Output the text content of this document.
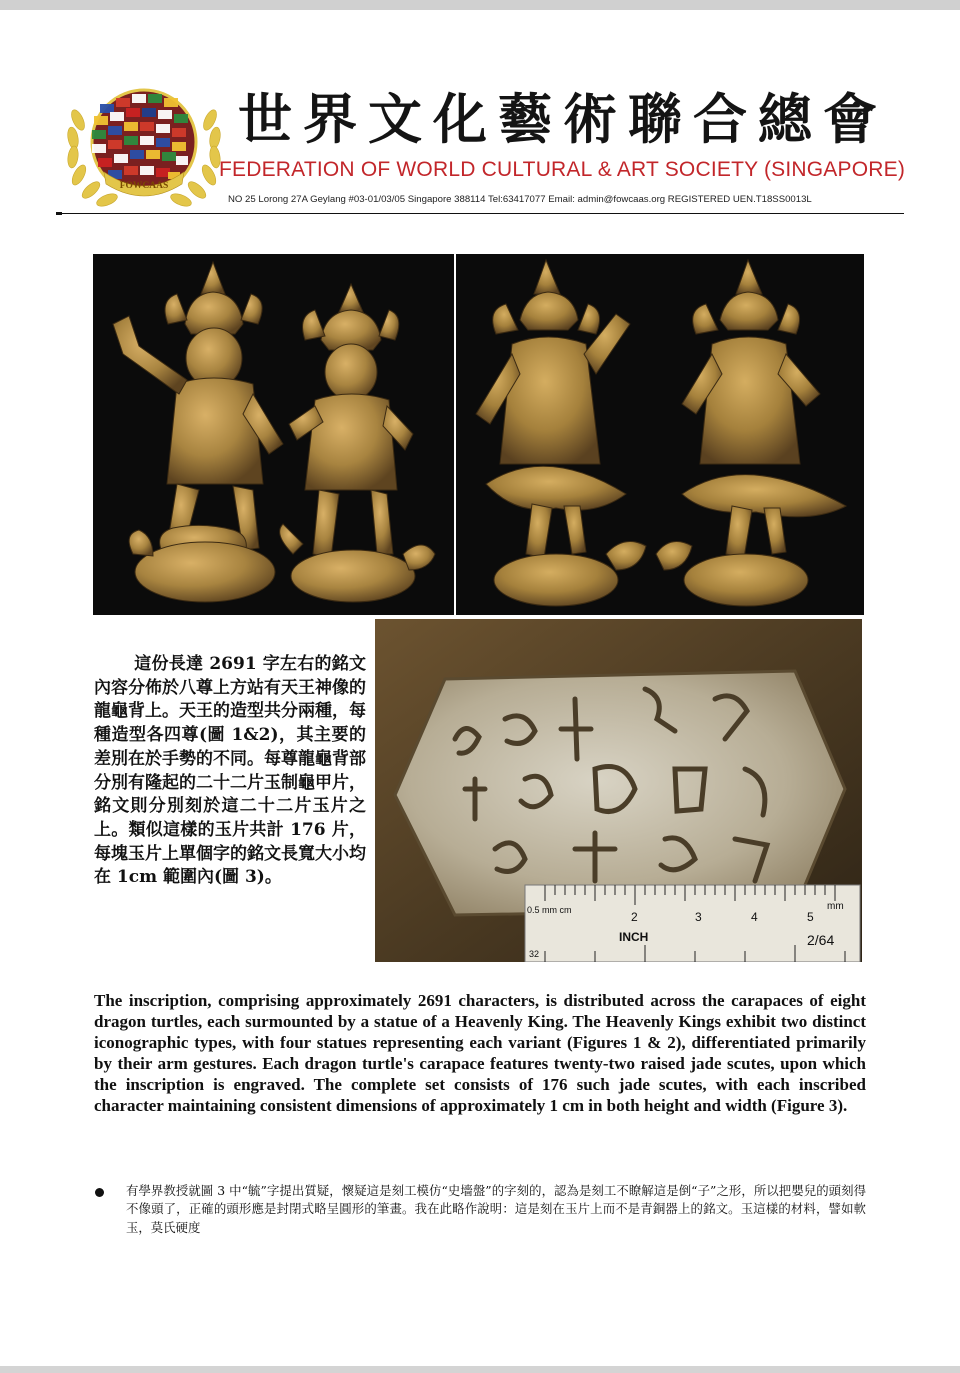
FOWCAAS
世界文化藝術聯合總會
FEDERATION OF WORLD CULTURAL & ART SOCIETY (SINGAPORE)
NO 25 Lorong 27A Geylang #03-01/03/05 Singapore 388114 Tel:63417077 Email: admin@fowcaas.org REGISTERED UEN.T18SS0013L
這份長達 2691 字左右的銘文內容分佈於八尊上方站有天王神像的龍龜背上。天王的造型共分兩種，每種造型各四尊(圖 1&2)，其主要的差別在於手勢的不同。每尊龍龜背部分別有隆起的二十二片玉制龜甲片，銘文則分別刻於這二十二片玉片之上。類似這樣的玉片共計 176 片，每塊玉片上單個字的銘文長寬大小均在 1cm 範圍內(圖 3)。
0.5 mm cm	2	3	4	5
mm
INCH
32
2/64
The inscription, comprising approximately 2691 characters, is distributed across the carapaces of eight dragon turtles, each surmounted by a statue of a Heavenly King. The Heavenly Kings exhibit two distinct iconographic types, with four statues representing each variant (Figures 1 & 2), differentiated primarily by their arm gestures. Each dragon turtle's carapace features twenty-two raised jade scutes, upon which the inscription is engraved. The complete set consists of 176 such jade scutes, with each inscribed character maintaining consistent dimensions of approximately 1 cm in both height and width (Figure 3).
有學界教授就圖 3 中“毓”字提出質疑，懷疑這是刻工模仿“史墻盤”的字刻的，認為是刻工不瞭解這是倒“子”之形，所以把嬰兒的頭刻得不像頭了，正確的頭形應是封閉式略呈圓形的筆畫。我在此略作說明：這是刻在玉片上而不是青銅器上的銘文。玉這樣的材料，譬如軟玉，莫氏硬度
